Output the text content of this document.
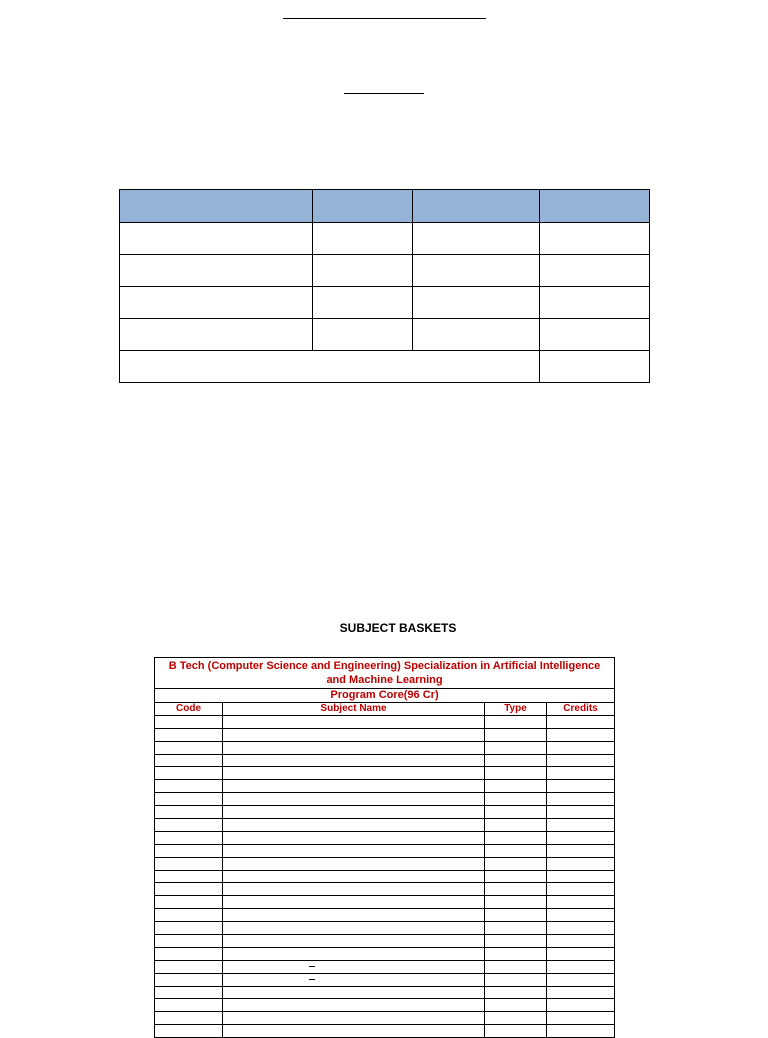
SUBJECT BASKETS
B Tech (Computer Science and Engineering) Specialization in Artificial Intelligence and Machine Learning			
Program Core(96 Cr)			
Code	Subject Name	Type	Credits
